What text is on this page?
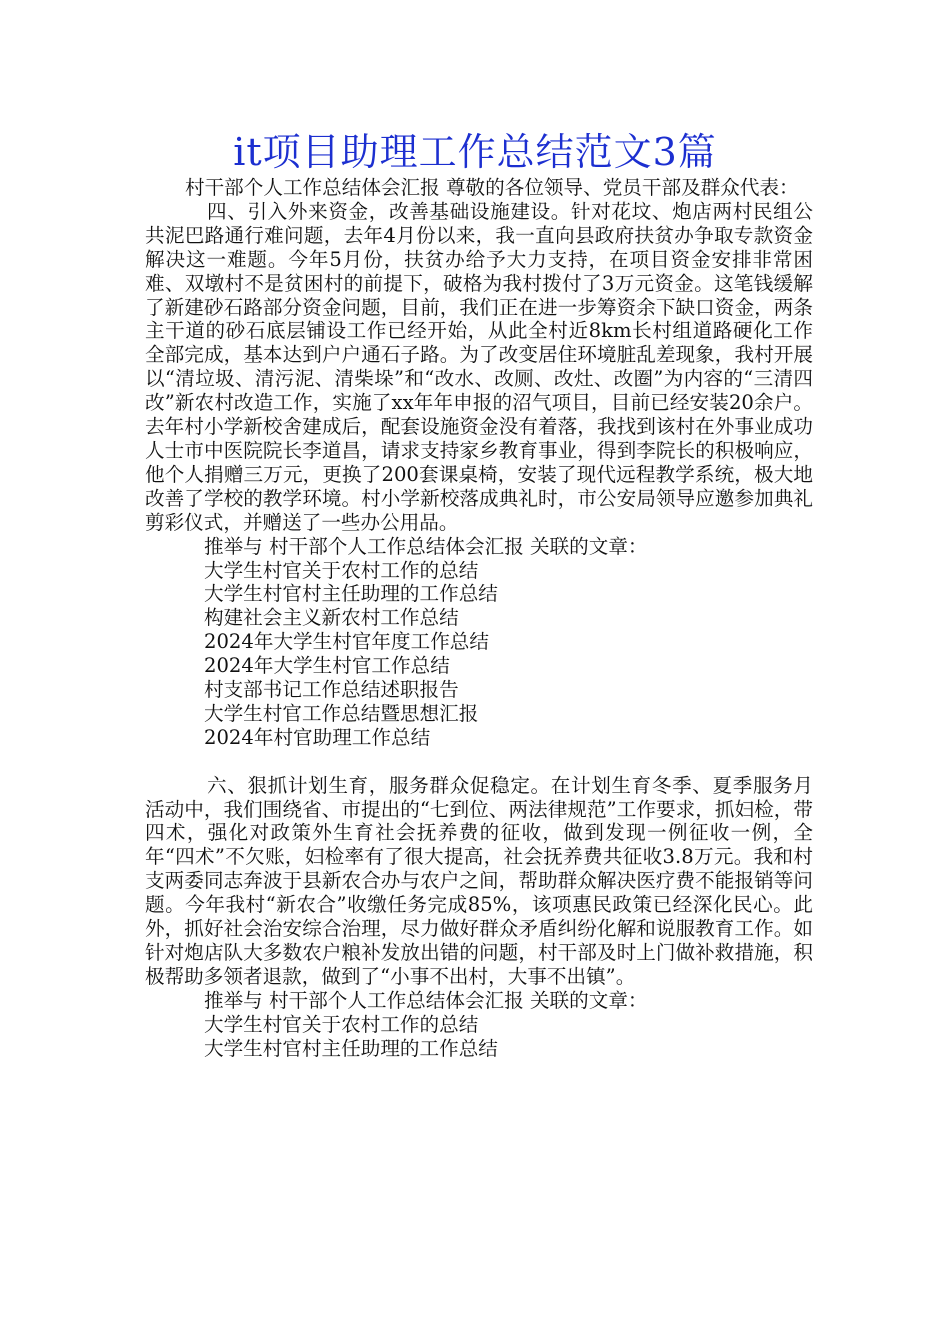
it项目助理工作总结范文3篇

村干部个人工作总结体会汇报 尊敬的各位领导、党员干部及群众代表：

四、引入外来资金，改善基础设施建设。针对花坟、炮店两村民组公共泥巴路通行难问题，去年4月份以来，我一直向县政府扶贫办争取专款资金解决这一难题。今年5月份，扶贫办给予大力支持，在项目资金安排非常困难、双墩村不是贫困村的前提下，破格为我村拨付了3万元资金。这笔钱缓解了新建砂石路部分资金问题，目前，我们正在进一步筹资余下缺口资金，两条主干道的砂石底层铺设工作已经开始，从此全村近8km长村组道路硬化工作全部完成，基本达到户户通石子路。为了改变居住环境脏乱差现象，我村开展以“清垃圾、清污泥、清柴垛”和“改水、改厕、改灶、改圈”为内容的“三清四改”新农村改造工作，实施了xx年年申报的沼气项目，目前已经安装20余户。去年村小学新校舍建成后，配套设施资金没有着落，我找到该村在外事业成功人士市中医院院长李道昌，请求支持家乡教育事业，得到李院长的积极响应，他个人捐赠三万元，更换了200套课桌椅，安装了现代远程教学系统，极大地改善了学校的教学环境。村小学新校落成典礼时，市公安局领导应邀参加典礼剪彩仪式，并赠送了一些办公用品。

推举与 村干部个人工作总结体会汇报 关联的文章：

大学生村官关于农村工作的总结
大学生村官村主任助理的工作总结
构建社会主义新农村工作总结
2024年大学生村官年度工作总结
2024年大学生村官工作总结
村支部书记工作总结述职报告
大学生村官工作总结暨思想汇报
2024年村官助理工作总结

六、狠抓计划生育，服务群众促稳定。在计划生育冬季、夏季服务月活动中，我们围绕省、市提出的“七到位、两法律规范”工作要求，抓妇检，带四术，强化对政策外生育社会抚养费的征收，做到发现一例征收一例，全年“四术”不欠账，妇检率有了很大提高，社会抚养费共征收3.8万元。我和村支两委同志奔波于县新农合办与农户之间，帮助群众解决医疗费不能报销等问题。今年我村“新农合”收缴任务完成85%，该项惠民政策已经深化民心。此外，抓好社会治安综合治理，尽力做好群众矛盾纠纷化解和说服教育工作。如针对炮店队大多数农户粮补发放出错的问题，村干部及时上门做补救措施，积极帮助多领者退款，做到了“小事不出村，大事不出镇”。

推举与 村干部个人工作总结体会汇报 关联的文章：

大学生村官关于农村工作的总结
大学生村官村主任助理的工作总结
